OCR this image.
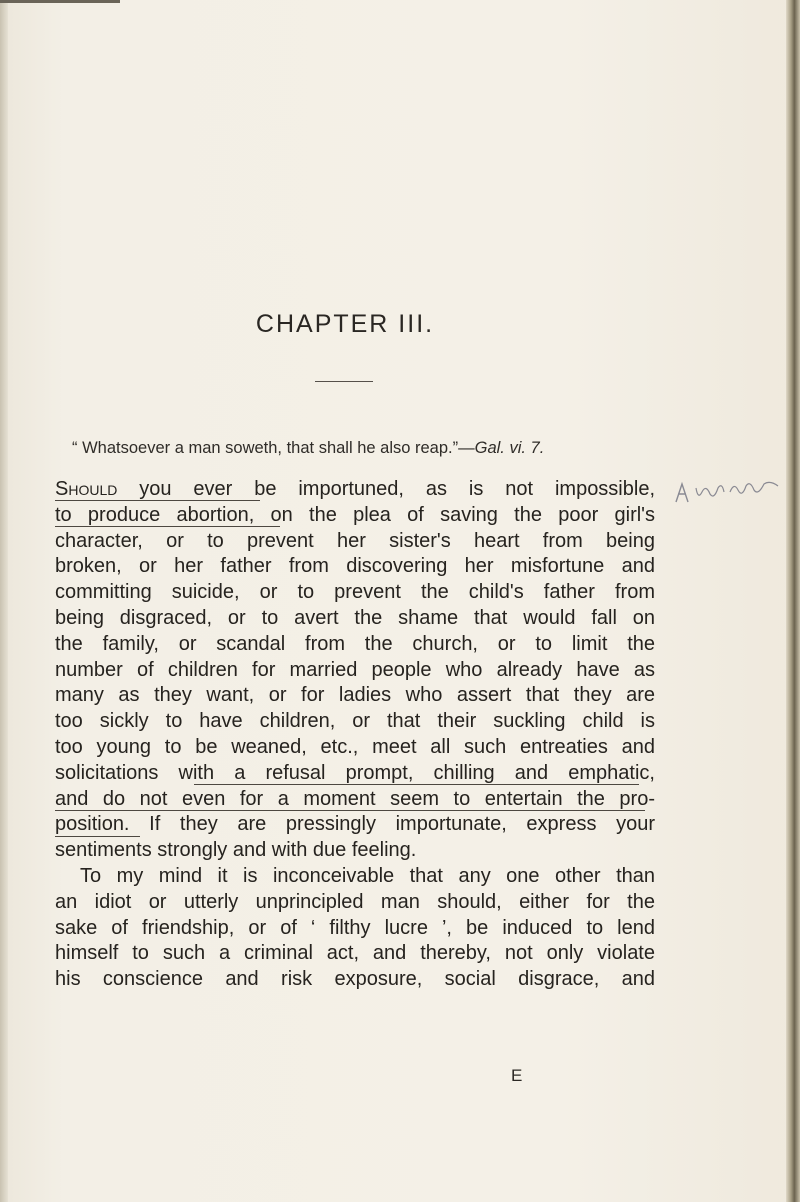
CHAPTER III.
“ Whatsoever a man soweth, that shall he also reap.”—Gal. vi. 7.
Should you ever be importuned, as is not impossible,
to produce abortion, on the plea of saving the poor girl's
character, or to prevent her sister's heart from being
broken, or her father from discovering her misfortune and
committing suicide, or to prevent the child's father from
being disgraced, or to avert the shame that would fall on
the family, or scandal from the church, or to limit the
number of children for married people who already have as
many as they want, or for ladies who assert that they are
too sickly to have children, or that their suckling child is
too young to be weaned, etc., meet all such entreaties and
solicitations with a refusal prompt, chilling and emphatic,
and do not even for a moment seem to entertain the pro-
position. If they are pressingly importunate, express your
sentiments strongly and with due feeling.
To my mind it is inconceivable that any one other than
an idiot or utterly unprincipled man should, either for the
sake of friendship, or of ‘ filthy lucre ’, be induced to lend
himself to such a criminal act, and thereby, not only violate
his conscience and risk exposure, social disgrace, and
E
